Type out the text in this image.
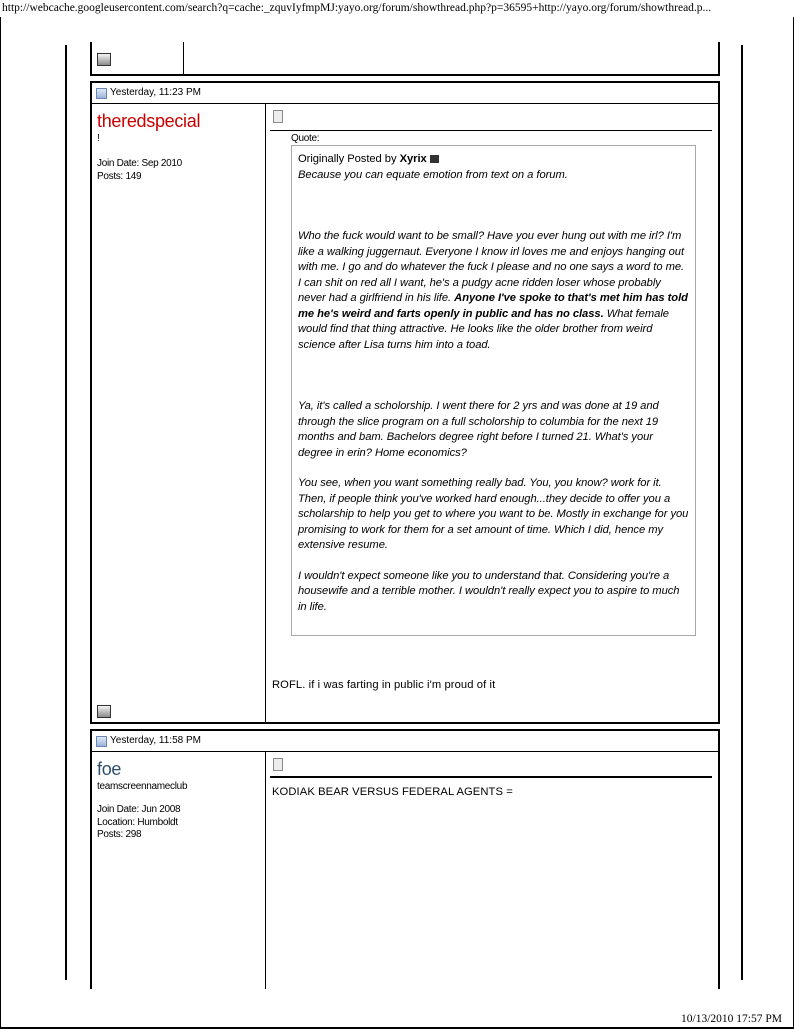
http://webcache.googleusercontent.com/search?q=cache:_zquvIyfmpMJ:yayo.org/forum/showthread.php?p=36595+http://yayo.org/forum/showthread.p...
Yesterday, 11:23 PM
theredspecial
!
Join Date: Sep 2010
Posts: 149
Quote:
Originally Posted by Xyrix

Because you can equate emotion from text on a forum.

Who the fuck would want to be small? Have you ever hung out with me irl? I'm like a walking juggernaut. Everyone I know irl loves me and enjoys hanging out with me. I go and do whatever the fuck I please and no one says a word to me. I can shit on red all I want, he's a pudgy acne ridden loser whose probably never had a girlfriend in his life. Anyone I've spoke to that's met him has told me he's weird and farts openly in public and has no class. What female would find that thing attractive. He looks like the older brother from weird science after Lisa turns him into a toad.

Ya, it's called a scholorship. I went there for 2 yrs and was done at 19 and through the slice program on a full scholorship to columbia for the next 19 months and bam. Bachelors degree right before I turned 21. What's your degree in erin? Home economics?

You see, when you want something really bad. You, you know? work for it. Then, if people think you've worked hard enough...they decide to offer you a scholarship to help you get to where you want to be. Mostly in exchange for you promising to work for them for a set amount of time. Which I did, hence my extensive resume.

I wouldn't expect someone like you to understand that. Considering you're a housewife and a terrible mother. I wouldn't really expect you to aspire to much in life.

ROFL. if i was farting in public i'm proud of it
Yesterday, 11:58 PM
foe
teamscreennameclub
Join Date: Jun 2008
Location: Humboldt
Posts: 298
KODIAK BEAR VERSUS FEDERAL AGENTS =
10/13/2010 17:57 PM
